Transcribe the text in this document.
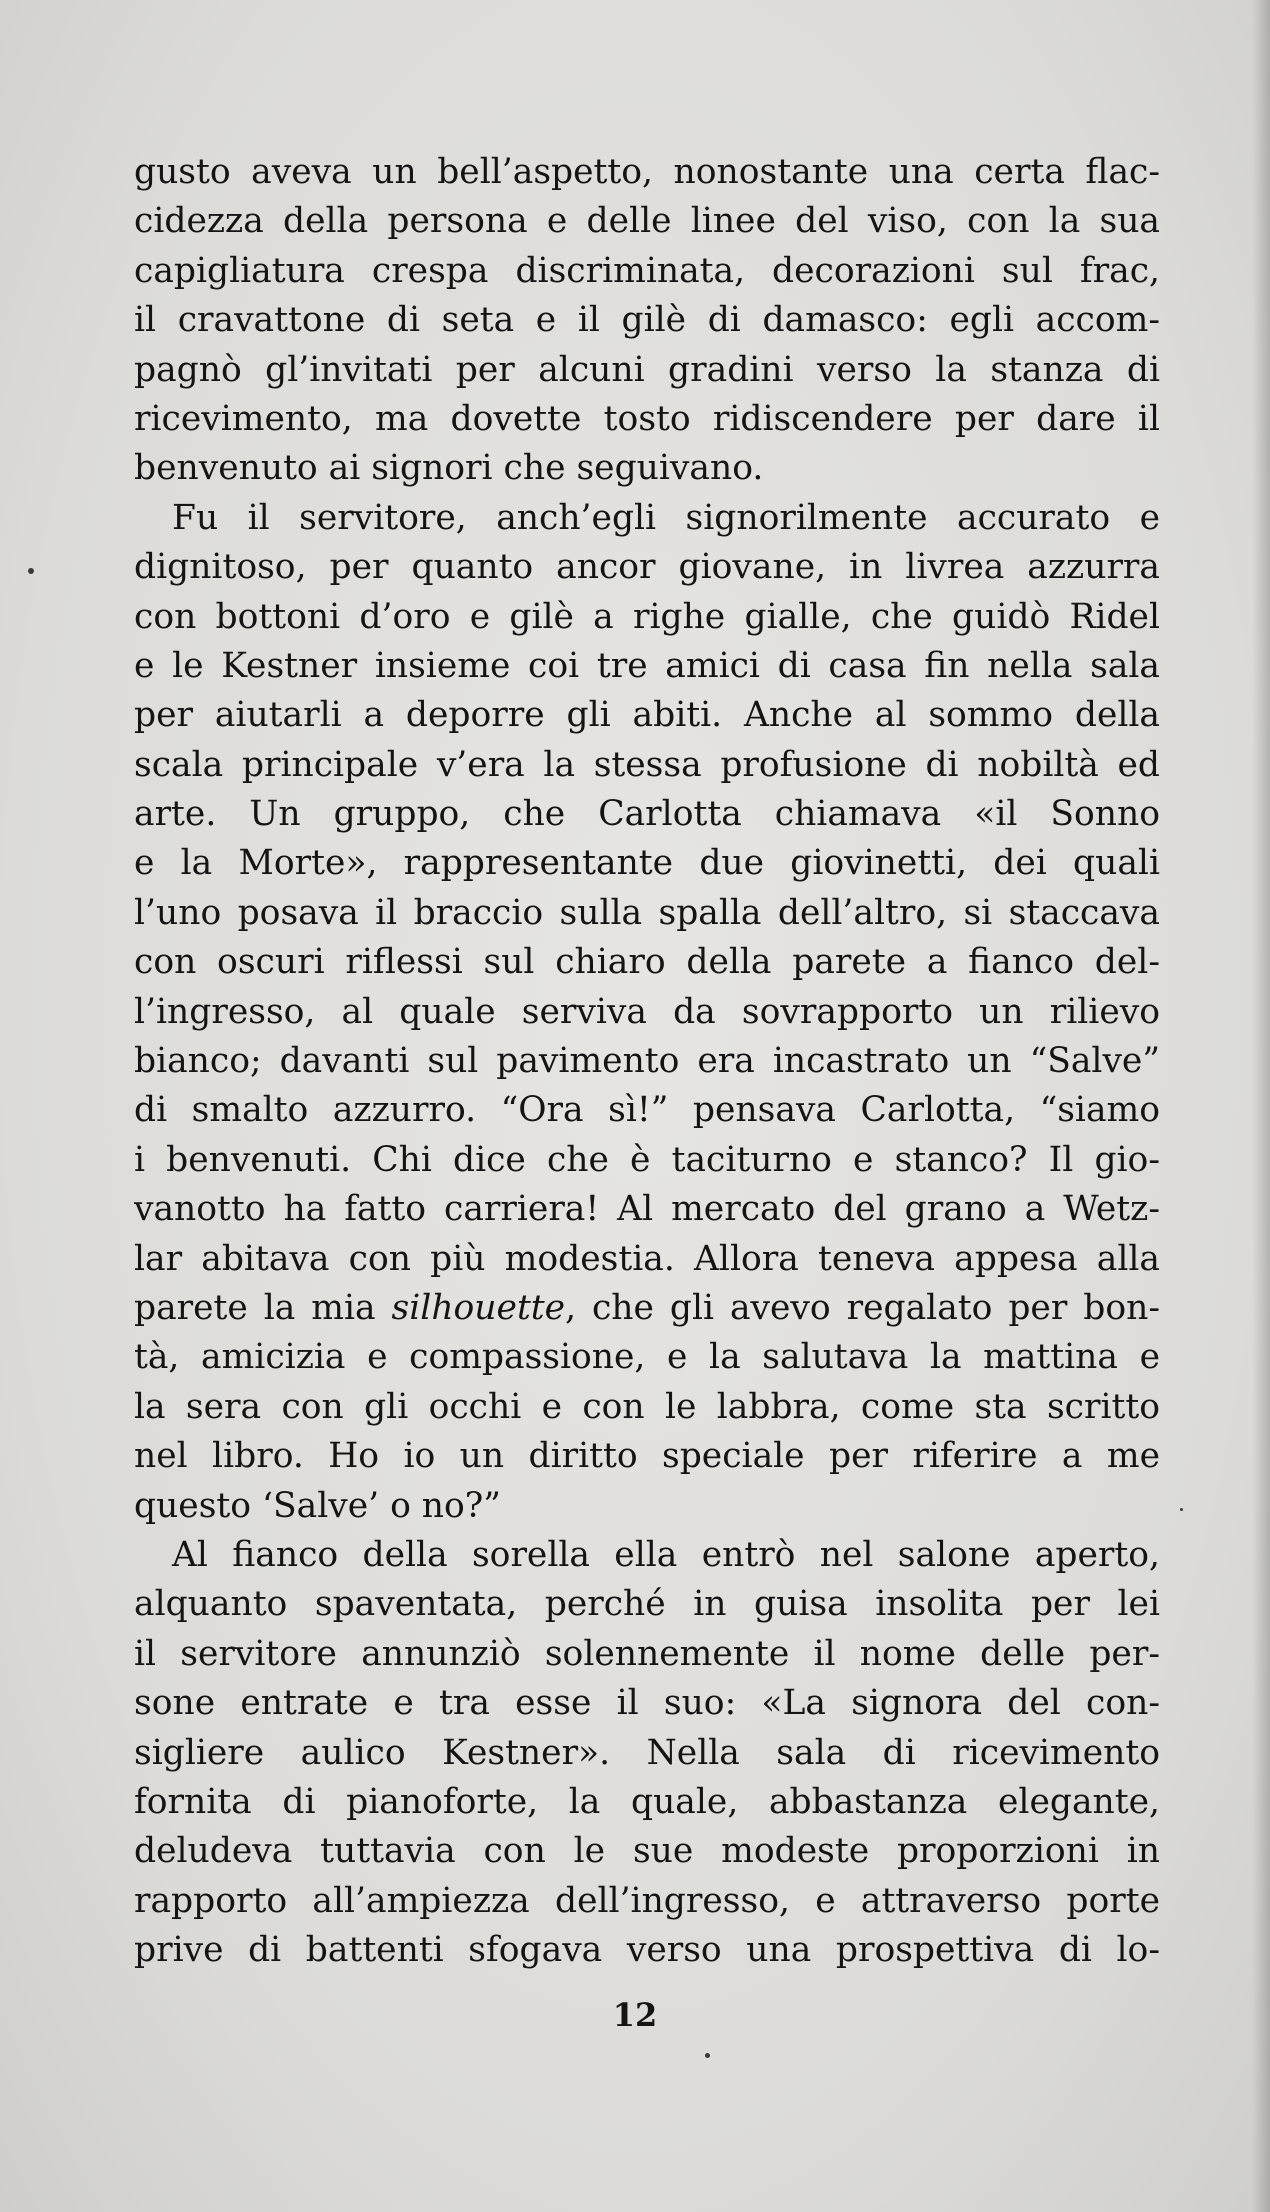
gusto aveva un bell’aspetto, nonostante una certa flac-
cidezza della persona e delle linee del viso, con la sua
capigliatura crespa discriminata, decorazioni sul frac,
il cravattone di seta e il gilè di damasco: egli accom-
pagnò gl’invitati per alcuni gradini verso la stanza di
ricevimento, ma dovette tosto ridiscendere per dare il
benvenuto ai signori che seguivano.
Fu il servitore, anch’egli signorilmente accurato e
dignitoso, per quanto ancor giovane, in livrea azzurra
con bottoni d’oro e gilè a righe gialle, che guidò Ridel
e le Kestner insieme coi tre amici di casa fin nella sala
per aiutarli a deporre gli abiti. Anche al sommo della
scala principale v’era la stessa profusione di nobiltà ed
arte. Un gruppo, che Carlotta chiamava «il Sonno
e la Morte», rappresentante due giovinetti, dei quali
l’uno posava il braccio sulla spalla dell’altro, si staccava
con oscuri riflessi sul chiaro della parete a fianco del-
l’ingresso, al quale serviva da sovrapporto un rilievo
bianco; davanti sul pavimento era incastrato un “Salve”
di smalto azzurro. “Ora sì!” pensava Carlotta, “siamo
i benvenuti. Chi dice che è taciturno e stanco? Il gio-
vanotto ha fatto carriera! Al mercato del grano a Wetz-
lar abitava con più modestia. Allora teneva appesa alla
parete la mia silhouette, che gli avevo regalato per bon-
tà, amicizia e compassione, e la salutava la mattina e
la sera con gli occhi e con le labbra, come sta scritto
nel libro. Ho io un diritto speciale per riferire a me
questo ‘Salve’ o no?”
Al fianco della sorella ella entrò nel salone aperto,
alquanto spaventata, perché in guisa insolita per lei
il servitore annunziò solennemente il nome delle per-
sone entrate e tra esse il suo: «La signora del con-
sigliere aulico Kestner». Nella sala di ricevimento
fornita di pianoforte, la quale, abbastanza elegante,
deludeva tuttavia con le sue modeste proporzioni in
rapporto all’ampiezza dell’ingresso, e attraverso porte
prive di battenti sfogava verso una prospettiva di lo-
12
